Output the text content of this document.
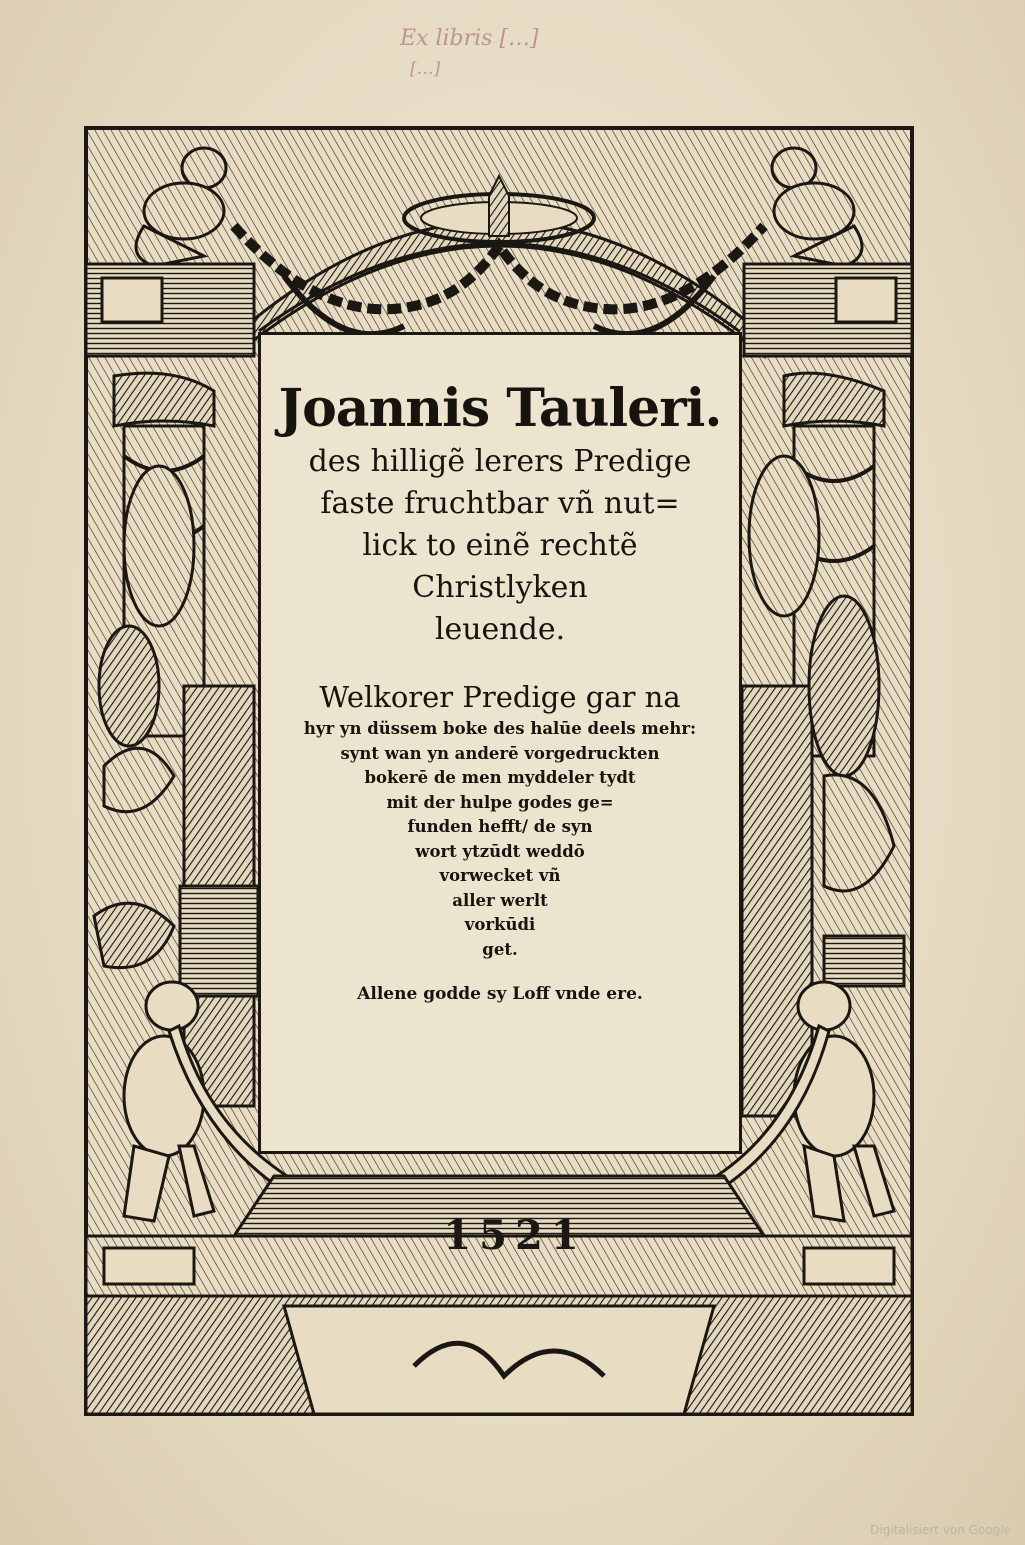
Ex libris […]
[…]
Joannis Tauleri.
des hilligẽ lerers Predige
faste fruchtbar vñ nut=
lick to einẽ rechtẽ
Christlyken
leuende.
Welkorer Predige gar na
hyr yn düssem boke des halūe deels mehr:
synt wan yn anderē vorgedruckten
bokerē de men myddeler tydt
mit der hulpe godes ge=
funden hefft/ de syn
wort ytzūdt weddō
vorwecket vñ
aller werlt
vorkūdi
get.
Allene godde sy Loff vnde ere.
1521
Digitalisiert von Google
